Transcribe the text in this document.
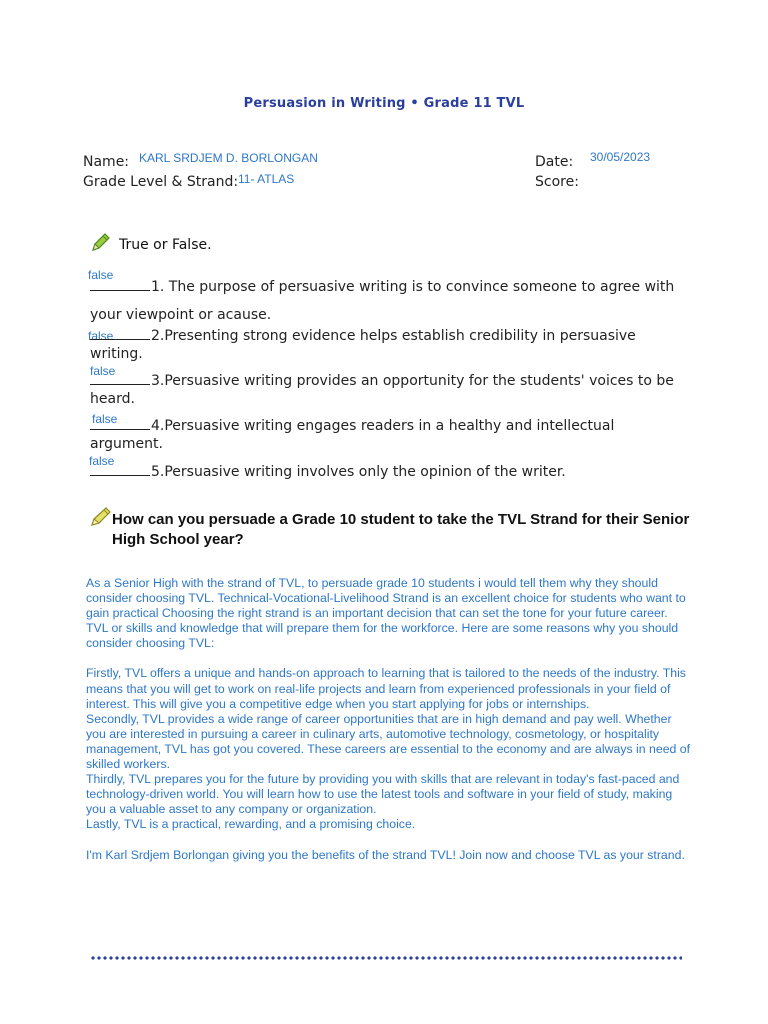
Persuasion in Writing • Grade 11 TVL
Name: KARL SRDJEM D. BORLONGAN
Grade Level & Strand: 11- ATLAS
Date: 30/05/2023
Score:
True or False.
false
1. The purpose of persuasive writing is to convince someone to agree with your viewpoint or acause.
false	2.Presenting strong evidence helps establish credibility in persuasive writing.
false
3.Persuasive writing provides an opportunity for the students' voices to be heard.
false	4.Persuasive writing engages readers in a healthy and intellectual argument.
false
5.Persuasive writing involves only the opinion of the writer.
How can you persuade a Grade 10 student to take the TVL Strand for their Senior High School year?

As a Senior High with the strand of TVL, to persuade grade 10 students i would tell them why they should consider choosing TVL. Technical-Vocational-Livelihood Strand is an excellent choice for students who want to gain practical Choosing the right strand is an important decision that can set the tone for your future career. TVL or skills and knowledge that will prepare them for the workforce. Here are some reasons why you should consider choosing TVL:

Firstly, TVL offers a unique and hands-on approach to learning that is tailored to the needs of the industry. This means that you will get to work on real-life projects and learn from experienced professionals in your field of interest. This will give you a competitive edge when you start applying for jobs or internships.

Secondly, TVL provides a wide range of career opportunities that are in high demand and pay well. Whether you are interested in pursuing a career in culinary arts, automotive technology, cosmetology, or hospitality management, TVL has got you covered. These careers are essential to the economy and are always in need of skilled workers.

Thirdly, TVL prepares you for the future by providing you with skills that are relevant in today's fast-paced and technology-driven world. You will learn how to use the latest tools and software in your field of study, making you a valuable asset to any company or organization.

Lastly, TVL is a practical, rewarding, and a promising choice.

I'm Karl Srdjem Borlongan giving you the benefits of the strand TVL! Join now and choose TVL as your strand.
